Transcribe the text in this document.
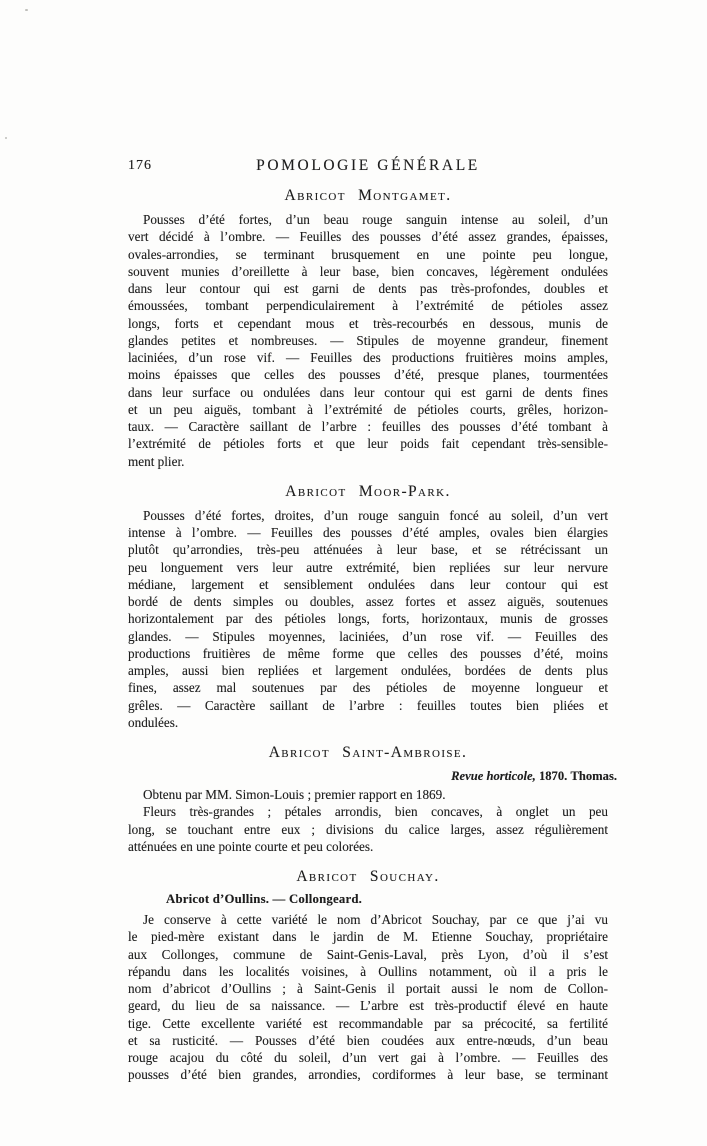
176	POMOLOGIE GÉNÉRALE
Abricot Montgamet.
Pousses d’été fortes, d’un beau rouge sanguin intense au soleil, d’un
vert décidé à l’ombre. — Feuilles des pousses d’été assez grandes, épaisses,
ovales-arrondies, se terminant brusquement en une pointe peu longue,
souvent munies d’oreillette à leur base, bien concaves, légèrement ondulées
dans leur contour qui est garni de dents pas très-profondes, doubles et
émoussées, tombant perpendiculairement à l’extrémité de pétioles assez
longs, forts et cependant mous et très-recourbés en dessous, munis de
glandes petites et nombreuses. — Stipules de moyenne grandeur, finement
laciniées, d’un rose vif. — Feuilles des productions fruitières moins amples,
moins épaisses que celles des pousses d’été, presque planes, tourmentées
dans leur surface ou ondulées dans leur contour qui est garni de dents fines
et un peu aiguës, tombant à l’extrémité de pétioles courts, grêles, horizon-
taux. — Caractère saillant de l’arbre : feuilles des pousses d’été tombant à
l’extrémité de pétioles forts et que leur poids fait cependant très-sensible-
ment plier.
Abricot Moor-Park.
Pousses d’été fortes, droites, d’un rouge sanguin foncé au soleil, d’un vert
intense à l’ombre. — Feuilles des pousses d’été amples, ovales bien élargies
plutôt qu’arrondies, très-peu atténuées à leur base, et se rétrécissant un
peu longuement vers leur autre extrémité, bien repliées sur leur nervure
médiane, largement et sensiblement ondulées dans leur contour qui est
bordé de dents simples ou doubles, assez fortes et assez aiguës, soutenues
horizontalement par des pétioles longs, forts, horizontaux, munis de grosses
glandes. — Stipules moyennes, laciniées, d’un rose vif. — Feuilles des
productions fruitières de même forme que celles des pousses d’été, moins
amples, aussi bien repliées et largement ondulées, bordées de dents plus
fines, assez mal soutenues par des pétioles de moyenne longueur et
grêles. — Caractère saillant de l’arbre : feuilles toutes bien pliées et
ondulées.
Abricot Saint-Ambroise.
Revue horticole, 1870. Thomas.
Obtenu par MM. Simon-Louis ; premier rapport en 1869.
Fleurs très-grandes ; pétales arrondis, bien concaves, à onglet un peu
long, se touchant entre eux ; divisions du calice larges, assez régulièrement
atténuées en une pointe courte et peu colorées.
Abricot Souchay.
Abricot d’Oullins. — Collongeard.
Je conserve à cette variété le nom d’Abricot Souchay, par ce que j’ai vu
le pied-mère existant dans le jardin de M. Etienne Souchay, propriétaire
aux Collonges, commune de Saint-Genis-Laval, près Lyon, d’où il s’est
répandu dans les localités voisines, à Oullins notamment, où il a pris le
nom d’abricot d’Oullins ; à Saint-Genis il portait aussi le nom de Collon-
geard, du lieu de sa naissance. — L’arbre est très-productif élevé en haute
tige. Cette excellente variété est recommandable par sa précocité, sa fertilité
et sa rusticité. — Pousses d’été bien coudées aux entre-nœuds, d’un beau
rouge acajou du côté du soleil, d’un vert gai à l’ombre. — Feuilles des
pousses d’été bien grandes, arrondies, cordiformes à leur base, se terminant
